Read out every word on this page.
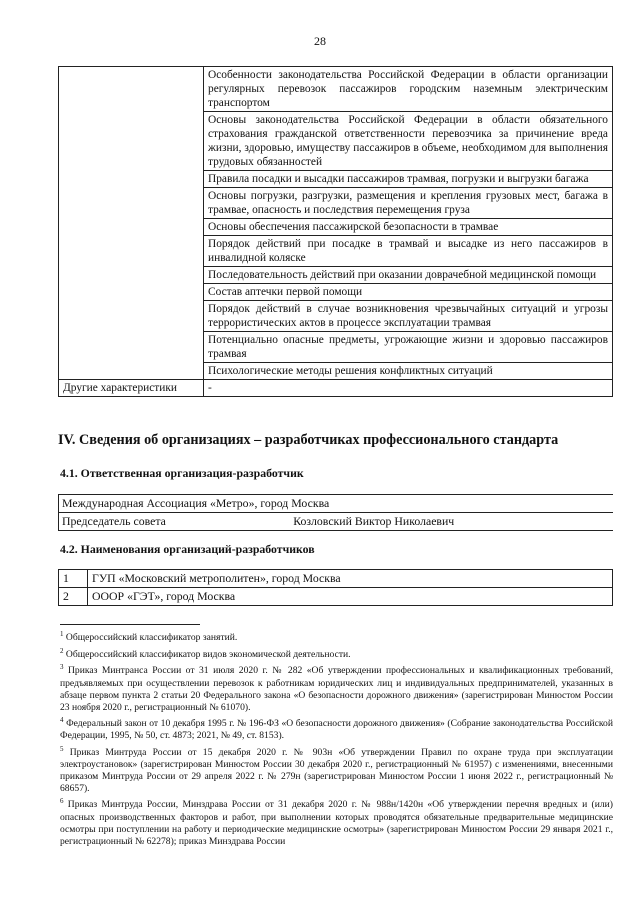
28
	Особенности законодательства Российской Федерации в области организации регулярных перевозок пассажиров городским наземным электрическим транспортом
	Основы законодательства Российской Федерации в области обязательного страхования гражданской ответственности перевозчика за причинение вреда жизни, здоровью, имуществу пассажиров в объеме, необходимом для выполнения трудовых обязанностей
	Правила посадки и высадки пассажиров трамвая, погрузки и выгрузки багажа
	Основы погрузки, разгрузки, размещения и крепления грузовых мест, багажа в трамвае, опасность и последствия перемещения груза
	Основы обеспечения пассажирской безопасности в трамвае
	Порядок действий при посадке в трамвай и высадке из него пассажиров в инвалидной коляске
	Последовательность действий при оказании доврачебной медицинской помощи
	Состав аптечки первой помощи
	Порядок действий в случае возникновения чрезвычайных ситуаций и угрозы террористических актов в процессе эксплуатации трамвая
	Потенциально опасные предметы, угрожающие жизни и здоровью пассажиров трамвая
	Психологические методы решения конфликтных ситуаций
Другие характеристики	-
IV. Сведения об организациях – разработчиках профессионального стандарта
4.1. Ответственная организация-разработчик
Международная Ассоциация «Метро», город Москва
Председатель совета	Козловский Виктор Николаевич
4.2. Наименования организаций-разработчиков
1	ГУП «Московский метрополитен», город Москва
2	ОООР «ГЭТ», город Москва

$^1$ Общероссийский классификатор занятий.

$^2$ Общероссийский классификатор видов экономической деятельности.

$^3$ Приказ Минтранса России от 31 июля 2020 г. № 282 «Об утверждении профессиональных и квалификационных требований, предъявляемых при осуществлении перевозок к работникам юридических лиц и индивидуальных предпринимателей, указанных в абзаце первом пункта 2 статьи 20 Федерального закона «О безопасности дорожного движения» (зарегистрирован Минюстом России 23 ноября 2020 г., регистрационный № 61070).

$^4$ Федеральный закон от 10 декабря 1995 г. № 196-ФЗ «О безопасности дорожного движения» (Собрание законодательства Российской Федерации, 1995, № 50, ст. 4873; 2021, № 49, ст. 8153).

$^5$ Приказ Минтруда России от 15 декабря 2020 г. № 903н «Об утверждении Правил по охране труда при эксплуатации электроустановок» (зарегистрирован Минюстом России 30 декабря 2020 г., регистрационный № 61957) с изменениями, внесенными приказом Минтруда России от 29 апреля 2022 г. № 279н (зарегистрирован Минюстом России 1 июня 2022 г., регистрационный № 68657).

$^6$ Приказ Минтруда России, Минздрава России от 31 декабря 2020 г. № 988н/1420н «Об утверждении перечня вредных и (или) опасных производственных факторов и работ, при выполнении которых проводятся обязательные предварительные медицинские осмотры при поступлении на работу и периодические медицинские осмотры» (зарегистрирован Минюстом России 29 января 2021 г., регистрационный № 62278); приказ Минздрава России
